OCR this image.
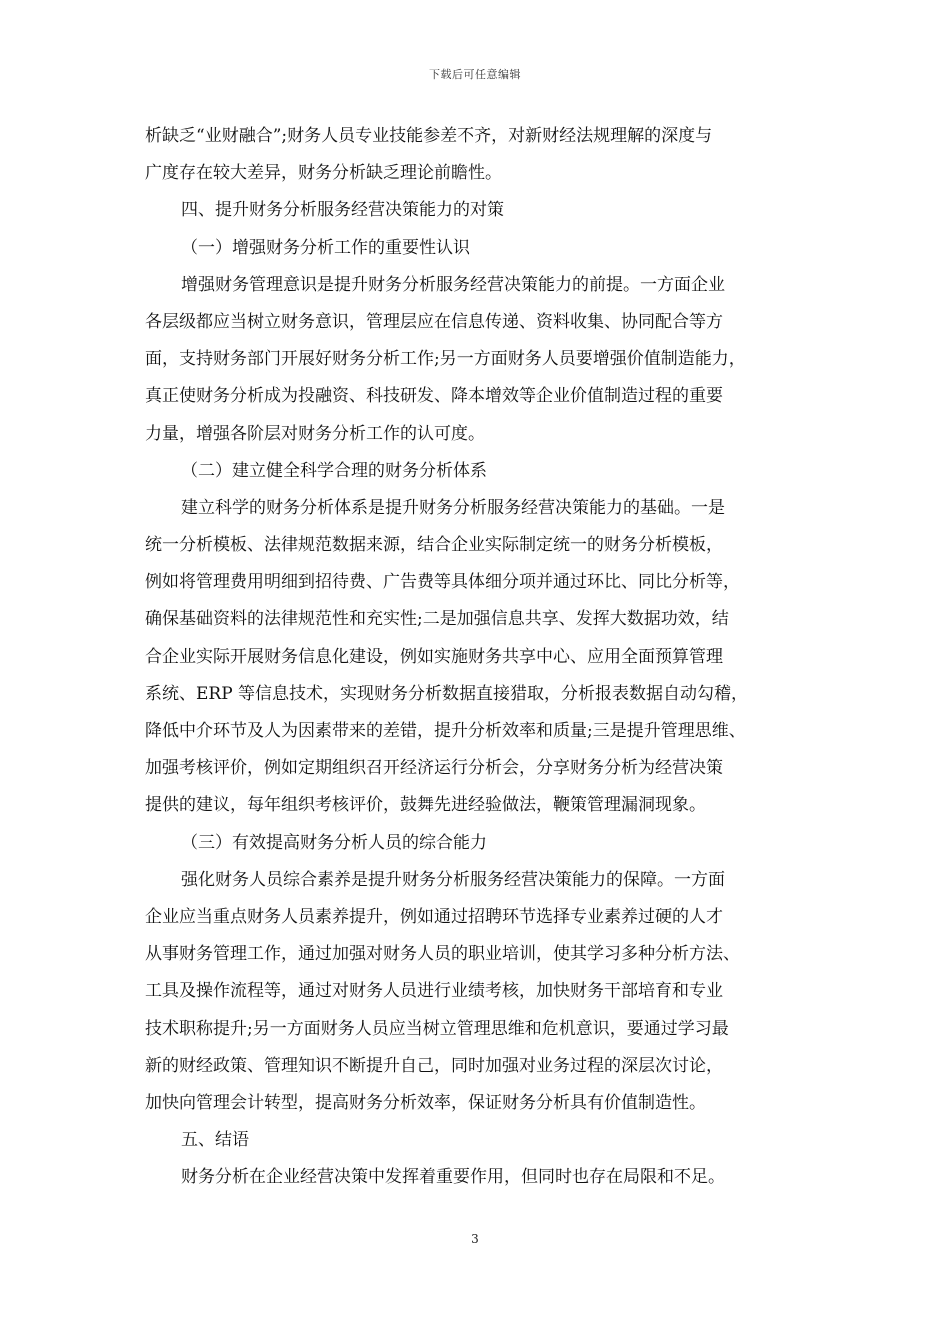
下载后可任意编辑
析缺乏“业财融合”;财务人员专业技能参差不齐，对新财经法规理解的深度与
广度存在较大差异，财务分析缺乏理论前瞻性。
四、提升财务分析服务经营决策能力的对策
（一）增强财务分析工作的重要性认识
增强财务管理意识是提升财务分析服务经营决策能力的前提。一方面企业
各层级都应当树立财务意识，管理层应在信息传递、资料收集、协同配合等方
面，支持财务部门开展好财务分析工作;另一方面财务人员要增强价值制造能力，
真正使财务分析成为投融资、科技研发、降本增效等企业价值制造过程的重要
力量，增强各阶层对财务分析工作的认可度。
（二）建立健全科学合理的财务分析体系
建立科学的财务分析体系是提升财务分析服务经营决策能力的基础。一是
统一分析模板、法律规范数据来源，结合企业实际制定统一的财务分析模板，
例如将管理费用明细到招待费、广告费等具体细分项并通过环比、同比分析等，
确保基础资料的法律规范性和充实性;二是加强信息共享、发挥大数据功效，结
合企业实际开展财务信息化建设，例如实施财务共享中心、应用全面预算管理
系统、ERP 等信息技术，实现财务分析数据直接猎取，分析报表数据自动勾稽，
降低中介环节及人为因素带来的差错，提升分析效率和质量;三是提升管理思维、
加强考核评价，例如定期组织召开经济运行分析会，分享财务分析为经营决策
提供的建议，每年组织考核评价，鼓舞先进经验做法，鞭策管理漏洞现象。
（三）有效提高财务分析人员的综合能力
强化财务人员综合素养是提升财务分析服务经营决策能力的保障。一方面
企业应当重点财务人员素养提升，例如通过招聘环节选择专业素养过硬的人才
从事财务管理工作，通过加强对财务人员的职业培训，使其学习多种分析方法、
工具及操作流程等，通过对财务人员进行业绩考核，加快财务干部培育和专业
技术职称提升;另一方面财务人员应当树立管理思维和危机意识，要通过学习最
新的财经政策、管理知识不断提升自己，同时加强对业务过程的深层次讨论，
加快向管理会计转型，提高财务分析效率，保证财务分析具有价值制造性。
五、结语
财务分析在企业经营决策中发挥着重要作用，但同时也存在局限和不足。
3
